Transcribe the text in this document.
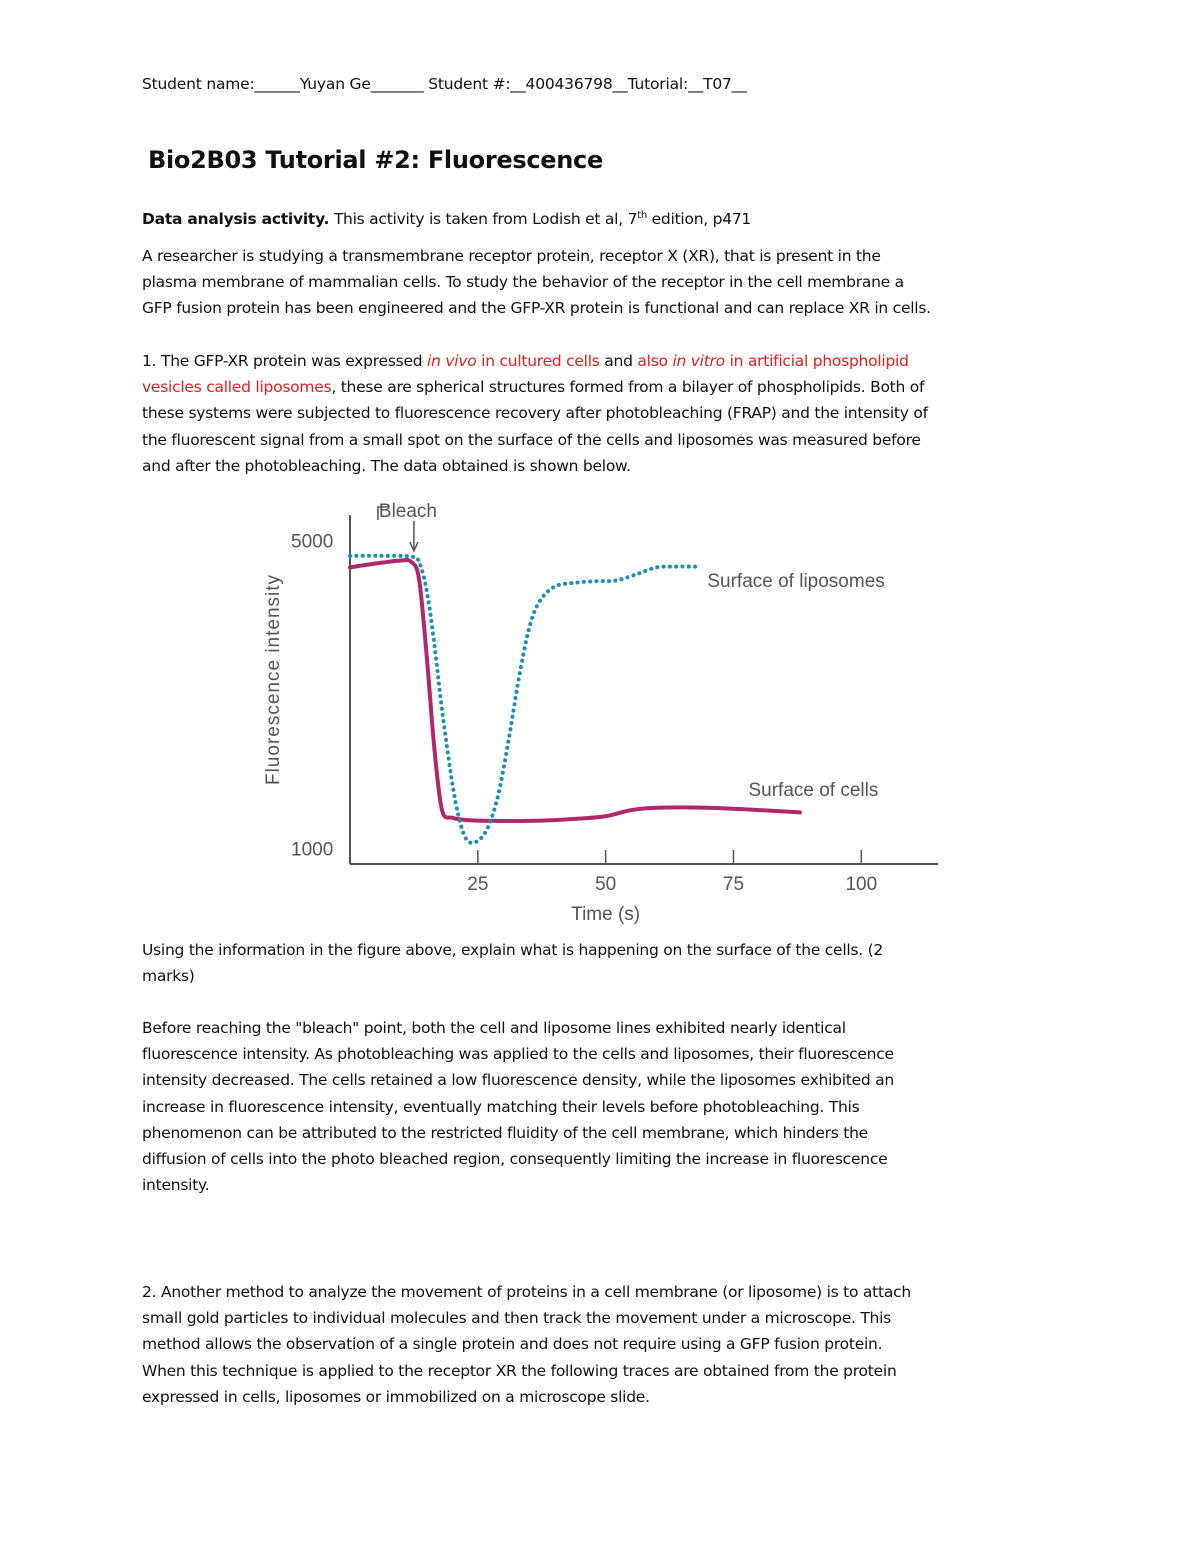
Student name:______Yuyan Ge_______ Student #:__400436798__Tutorial:__T07__
Bio2B03 Tutorial #2: Fluorescence
Data analysis activity. This activity is taken from Lodish et al, 7th edition, p471
A researcher is studying a transmembrane receptor protein, receptor X (XR), that is present in the
plasma membrane of mammalian cells. To study the behavior of the receptor in the cell membrane a
GFP fusion protein has been engineered and the GFP-XR protein is functional and can replace XR in cells.
1. The GFP-XR protein was expressed in vivo in cultured cells and also in vitro in artificial phospholipid
vesicles called liposomes, these are spherical structures formed from a bilayer of phospholipids. Both of
these systems were subjected to fluorescence recovery after photobleaching (FRAP) and the intensity of
the fluorescent signal from a small spot on the surface of the cells and liposomes was measured before
and after the photobleaching. The data obtained is shown below.
25	50	75	100
1000
5000
Time (s)
Fluorescence intensity
Bleach
Surface of liposomes
Surface of cells
Using the information in the figure above, explain what is happening on the surface of the cells. (2
marks)
Before reaching the "bleach" point, both the cell and liposome lines exhibited nearly identical
fluorescence intensity. As photobleaching was applied to the cells and liposomes, their fluorescence
intensity decreased. The cells retained a low fluorescence density, while the liposomes exhibited an
increase in fluorescence intensity, eventually matching their levels before photobleaching. This
phenomenon can be attributed to the restricted fluidity of the cell membrane, which hinders the
diffusion of cells into the photo bleached region, consequently limiting the increase in fluorescence
intensity.
2. Another method to analyze the movement of proteins in a cell membrane (or liposome) is to attach
small gold particles to individual molecules and then track the movement under a microscope. This
method allows the observation of a single protein and does not require using a GFP fusion protein.
When this technique is applied to the receptor XR the following traces are obtained from the protein
expressed in cells, liposomes or immobilized on a microscope slide.
